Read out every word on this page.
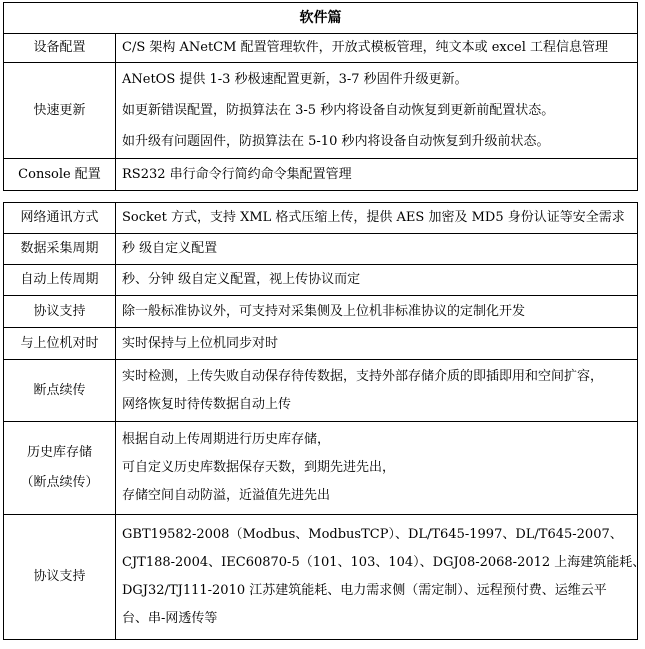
软件篇	
设备配置	C/S 架构 ANetCM 配置管理软件，开放式模板管理，纯文本或 excel 工程信息管理

快速更新	ANetOS 提供 1-3 秒极速配置更新，3-7 秒固件升级更新。
如更新错误配置，防损算法在 3-5 秒内将设备自动恢复到更新前配置状态。
如升级有问题固件，防损算法在 5-10 秒内将设备自动恢复到升级前状态。

Console 配置	RS232 串行命令行简约命令集配置管理
网络通讯方式	Socket 方式，支持 XML 格式压缩上传，提供 AES 加密及 MD5 身份认证等安全需求

数据采集周期	秒 级自定义配置

自动上传周期	秒、分钟 级自定义配置，视上传协议而定

协议支持	除一般标准协议外，可支持对采集侧及上位机非标准协议的定制化开发

与上位机对时	实时保持与上位机同步对时

断点续传	实时检测，上传失败自动保存待传数据，支持外部存储介质的即插即用和空间扩容，
网络恢复时待传数据自动上传

历史库存储
（断点续传）	根据自动上传周期进行历史库存储，
可自定义历史库数据保存天数，到期先进先出，
存储空间自动防溢，近溢值先进先出

协议支持	GBT19582-2008（Modbus、ModbusTCP）、DL/T645-1997、DL/T645-2007、
CJT188-2004、IEC60870-5（101、103、104）、DGJ08-2068-2012 上海建筑能耗、
DGJ32/TJ111-2010 江苏建筑能耗、电力需求侧（需定制）、远程预付费、运维云平
台、串-网透传等
